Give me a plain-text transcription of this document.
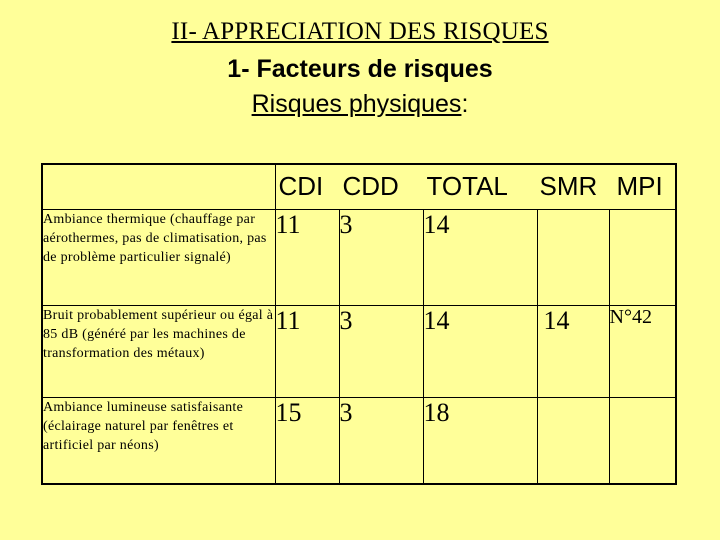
II- APPRECIATION DES RISQUES
1- Facteurs de risques
Risques physiques:

	CDI CDD TOTAL SMR MPI				

Ambiance thermique (chauffage par aérothermes, pas de climatisation, pas de problème particulier signalé)	11	3	14		
Bruit probablement supérieur ou égal à 85 dB (généré par les machines de transformation des métaux)	11	3	14	14	N°42
Ambiance lumineuse satisfaisante (éclairage naturel par fenêtres et artificiel par néons)	15	3	18		
